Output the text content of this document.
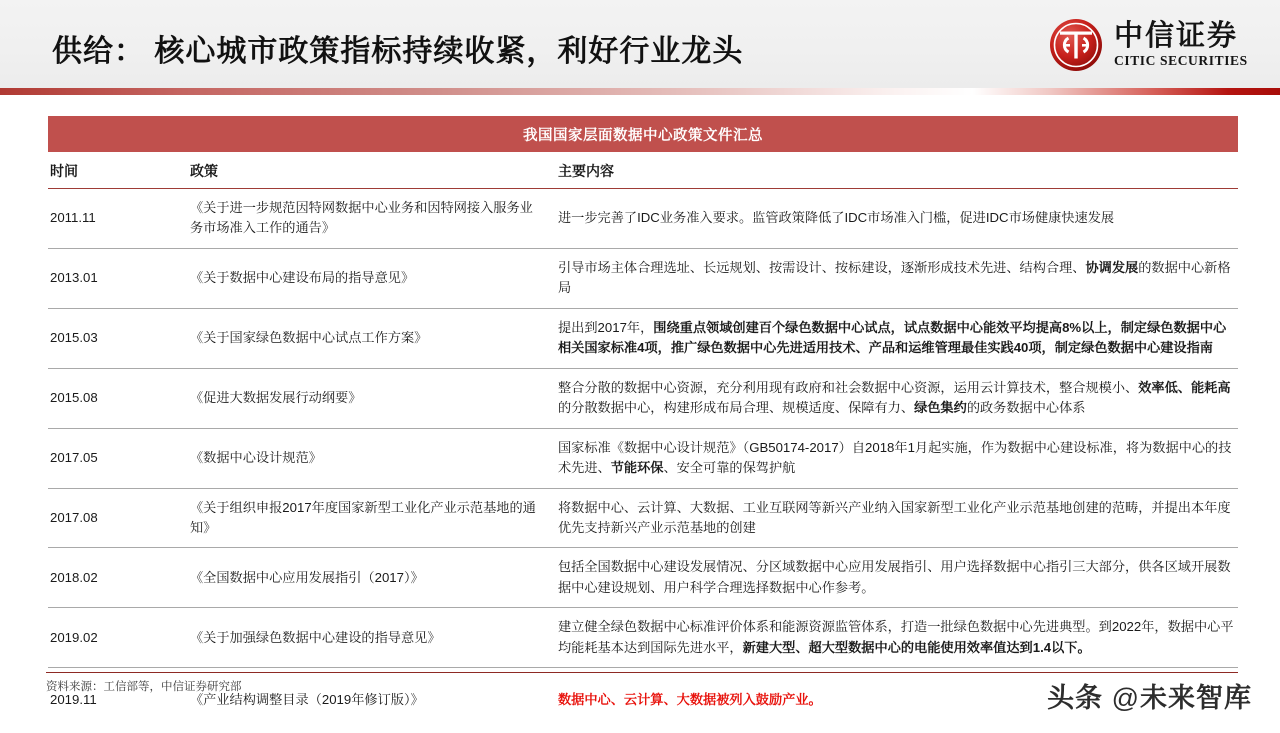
供给： 核心城市政策指标持续收紧，利好行业龙头	中信证券
CITIC SECURITIES
我国国家层面数据中心政策文件汇总
时间	政策	主要内容
2011.11	《关于进一步规范因特网数据中心业务和因特网接入服务业务市场准入工作的通告》	进一步完善了IDC业务准入要求。监管政策降低了IDC市场准入门槛，促进IDC市场健康快速发展
2013.01	《关于数据中心建设布局的指导意见》	引导市场主体合理选址、长远规划、按需设计、按标建设，逐渐形成技术先进、结构合理、协调发展的数据中心新格局
2015.03	《关于国家绿色数据中心试点工作方案》	提出到2017年，围绕重点领域创建百个绿色数据中心试点，试点数据中心能效平均提高8%以上，制定绿色数据中心相关国家标准4项，推广绿色数据中心先进适用技术、产品和运维管理最佳实践40项，制定绿色数据中心建设指南
2015.08	《促进大数据发展行动纲要》	整合分散的数据中心资源，充分利用现有政府和社会数据中心资源，运用云计算技术，整合规模小、效率低、能耗高的分散数据中心，构建形成布局合理、规模适度、保障有力、绿色集约的政务数据中心体系
2017.05	《数据中心设计规范》	国家标准《数据中心设计规范》（GB50174-2017）自2018年1月起实施，作为数据中心建设标准，将为数据中心的技术先进、节能环保、安全可靠的保驾护航
2017.08	《关于组织申报2017年度国家新型工业化产业示范基地的通知》	将数据中心、云计算、大数据、工业互联网等新兴产业纳入国家新型工业化产业示范基地创建的范畴，并提出本年度优先支持新兴产业示范基地的创建
2018.02	《全国数据中心应用发展指引（2017）》	包括全国数据中心建设发展情况、分区域数据中心应用发展指引、用户选择数据中心指引三大部分，供各区域开展数据中心建设规划、用户科学合理选择数据中心作参考。
2019.02	《关于加强绿色数据中心建设的指导意见》	建立健全绿色数据中心标准评价体系和能源资源监管体系，打造一批绿色数据中心先进典型。到2022年，数据中心平均能耗基本达到国际先进水平，新建大型、超大型数据中心的电能使用效率值达到1.4以下。
2019.11	《产业结构调整目录（2019年修订版）》	数据中心、云计算、大数据被列入鼓励产业。
资料来源：工信部等，中信证券研究部	头条 @未来智库
